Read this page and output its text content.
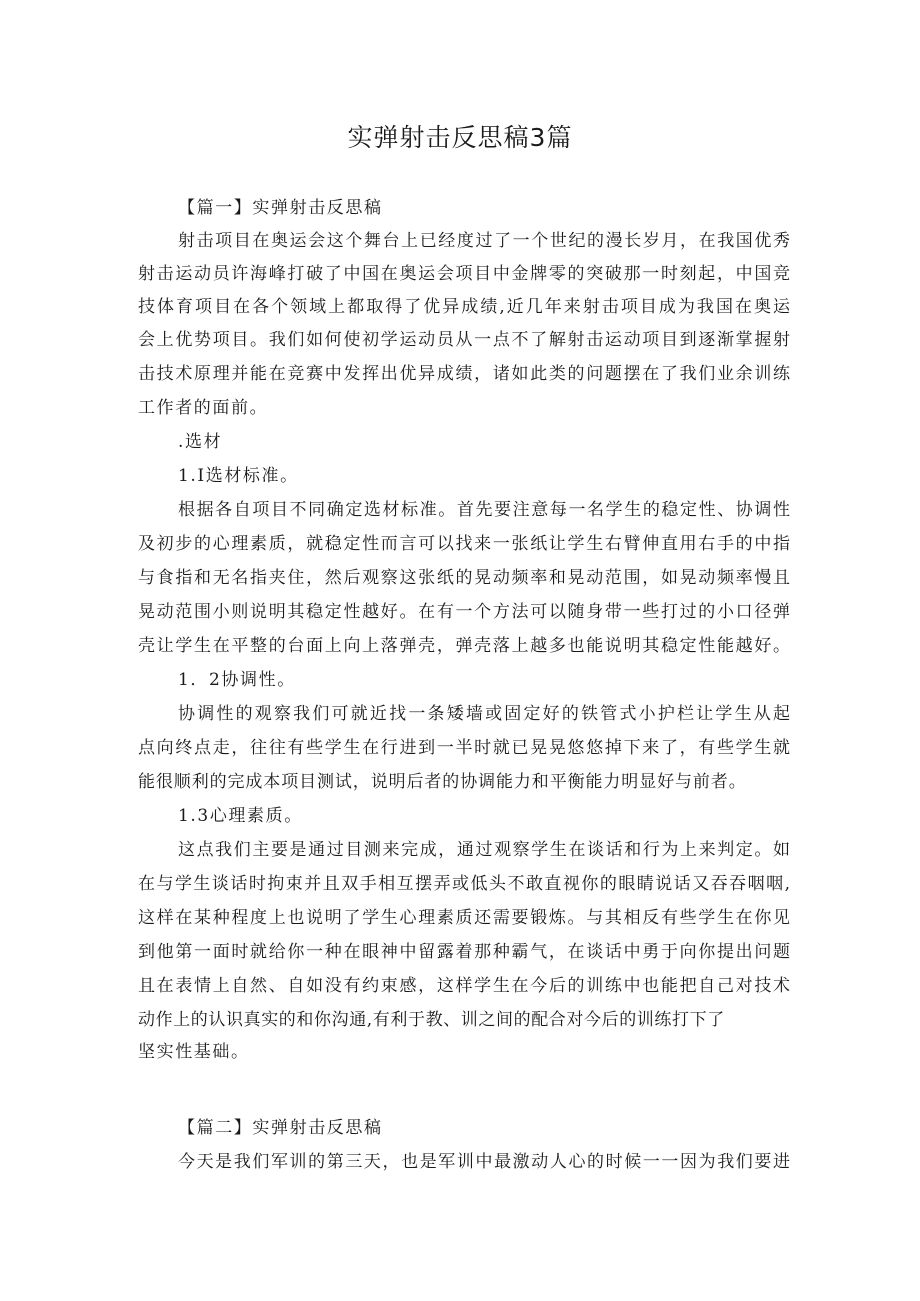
实弹射击反思稿3篇
【篇一】实弹射击反思稿
射击项目在奥运会这个舞台上已经度过了一个世纪的漫长岁月，在我国优秀
射击运动员许海峰打破了中国在奥运会项目中金牌零的突破那一时刻起，中国竞
技体育项目在各个领域上都取得了优异成绩,近几年来射击项目成为我国在奥运
会上优势项目。我们如何使初学运动员从一点不了解射击运动项目到逐渐掌握射
击技术原理并能在竞赛中发挥出优异成绩，诸如此类的问题摆在了我们业余训练
工作者的面前。
.选材
1.Ⅰ选材标准。
根据各自项目不同确定选材标准。首先要注意每一名学生的稳定性、协调性
及初步的心理素质，就稳定性而言可以找来一张纸让学生右臂伸直用右手的中指
与食指和无名指夹住，然后观察这张纸的晃动频率和晃动范围，如晃动频率慢且
晃动范围小则说明其稳定性越好。在有一个方法可以随身带一些打过的小口径弹
壳让学生在平整的台面上向上落弹壳，弹壳落上越多也能说明其稳定性能越好。
1．2协调性。
协调性的观察我们可就近找一条矮墙或固定好的铁管式小护栏让学生从起
点向终点走，往往有些学生在行进到一半时就已晃晃悠悠掉下来了，有些学生就
能很顺利的完成本项目测试，说明后者的协调能力和平衡能力明显好与前者。
1.3心理素质。
这点我们主要是通过目测来完成，通过观察学生在谈话和行为上来判定。如
在与学生谈话时拘束并且双手相互摆弄或低头不敢直视你的眼睛说话又吞吞咽咽,
这样在某种程度上也说明了学生心理素质还需要锻炼。与其相反有些学生在你见
到他第一面时就给你一种在眼神中留露着那种霸气，在谈话中勇于向你提出问题
且在表情上自然、自如没有约束感，这样学生在今后的训练中也能把自己对技术
动作上的认识真实的和你沟通,有利于教、训之间的配合对今后的训练打下了
坚实性基础。
【篇二】实弹射击反思稿
今天是我们军训的第三天，也是军训中最激动人心的时候一一因为我们要进
